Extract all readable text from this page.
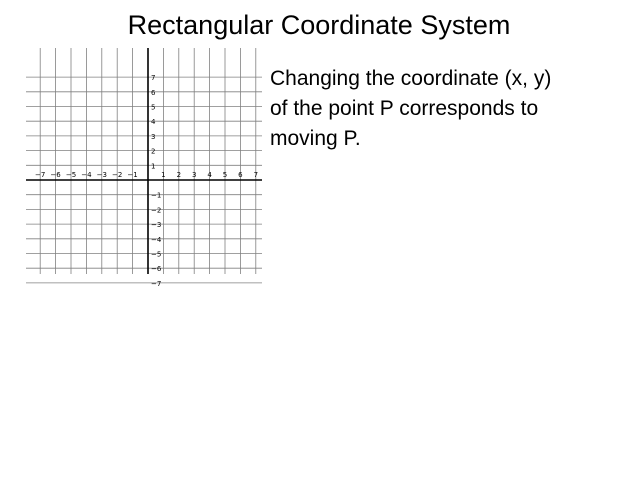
Rectangular Coordinate System
−7 −6 −5 −4 −3 −2 −1	1 2 3 4 5 6 7
7
6
5
4
3
2
1
−1
−2
−3
−4
−5
−6
−7
Changing the coordinate (x, y)
of the point P corresponds to
moving P.
